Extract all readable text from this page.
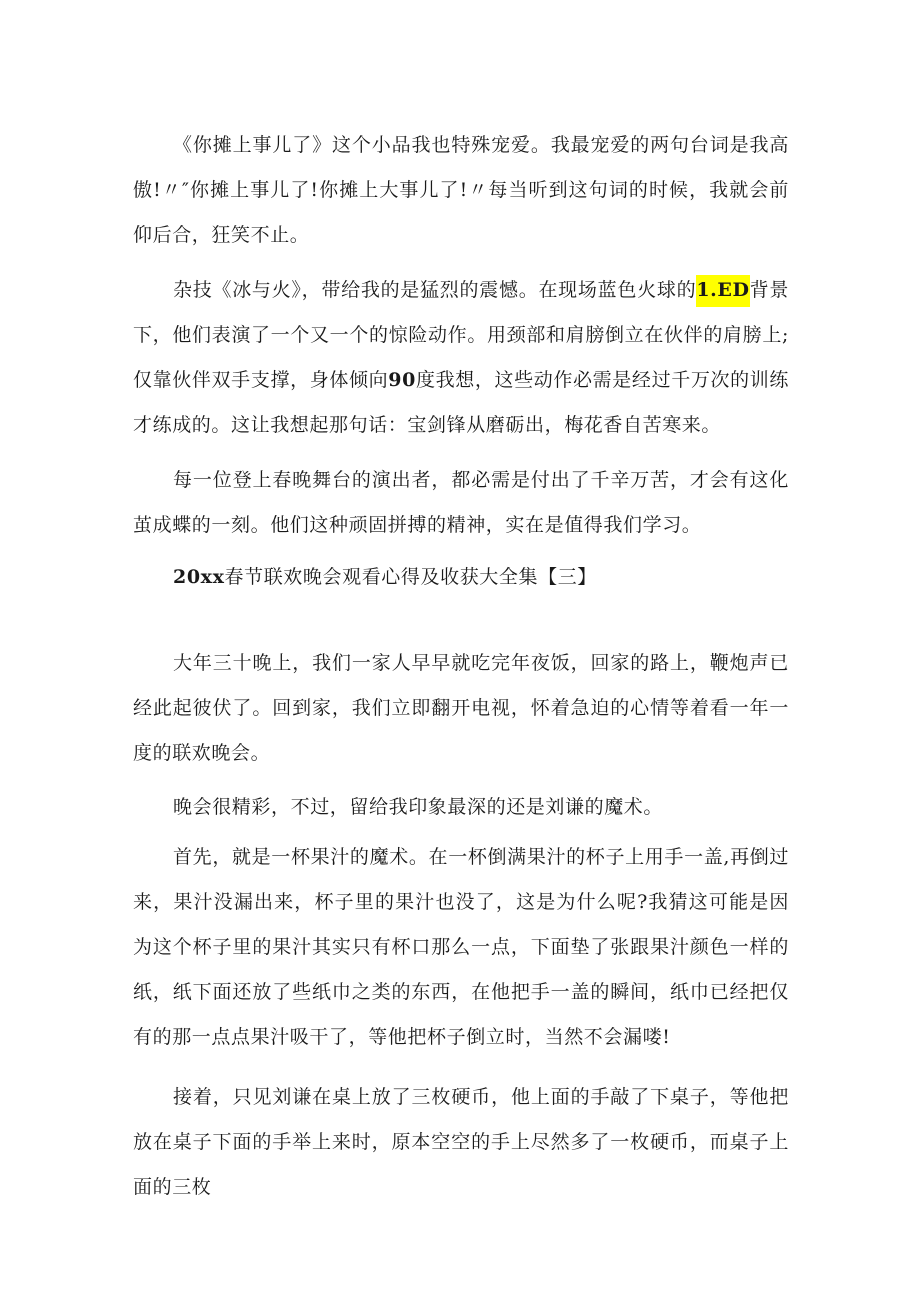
《你摊上事儿了》这个小品我也特殊宠爱。我最宠爱的两句台词是我高傲!〃″你摊上事儿了!你摊上大事儿了!〃每当听到这句词的时候，我就会前仰后合，狂笑不止。

杂技《冰与火》，带给我的是猛烈的震憾。在现场蓝色火球的1.ED背景下，他们表演了一个又一个的惊险动作。用颈部和肩膀倒立在伙伴的肩膀上;仅靠伙伴双手支撑，身体倾向90度我想，这些动作必需是经过千万次的训练才练成的。这让我想起那句话：宝剑锋从磨砺出，梅花香自苦寒来。

每一位登上春晚舞台的演出者，都必需是付出了千辛万苦，才会有这化茧成蝶的一刻。他们这种顽固拼搏的精神，实在是值得我们学习。

20xx春节联欢晚会观看心得及收获大全集【三】

大年三十晚上，我们一家人早早就吃完年夜饭，回家的路上，鞭炮声已经此起彼伏了。回到家，我们立即翻开电视，怀着急迫的心情等着看一年一度的联欢晚会。

晚会很精彩，不过，留给我印象最深的还是刘谦的魔术。

首先，就是一杯果汁的魔术。在一杯倒满果汁的杯子上用手一盖,再倒过来，果汁没漏出来，杯子里的果汁也没了，这是为什么呢?我猜这可能是因为这个杯子里的果汁其实只有杯口那么一点，下面垫了张跟果汁颜色一样的纸，纸下面还放了些纸巾之类的东西，在他把手一盖的瞬间，纸巾已经把仅有的那一点点果汁吸干了，等他把杯子倒立时，当然不会漏喽!

接着，只见刘谦在桌上放了三枚硬币，他上面的手敲了下桌子，等他把放在桌子下面的手举上来时，原本空空的手上尽然多了一枚硬币，而桌子上面的三枚
